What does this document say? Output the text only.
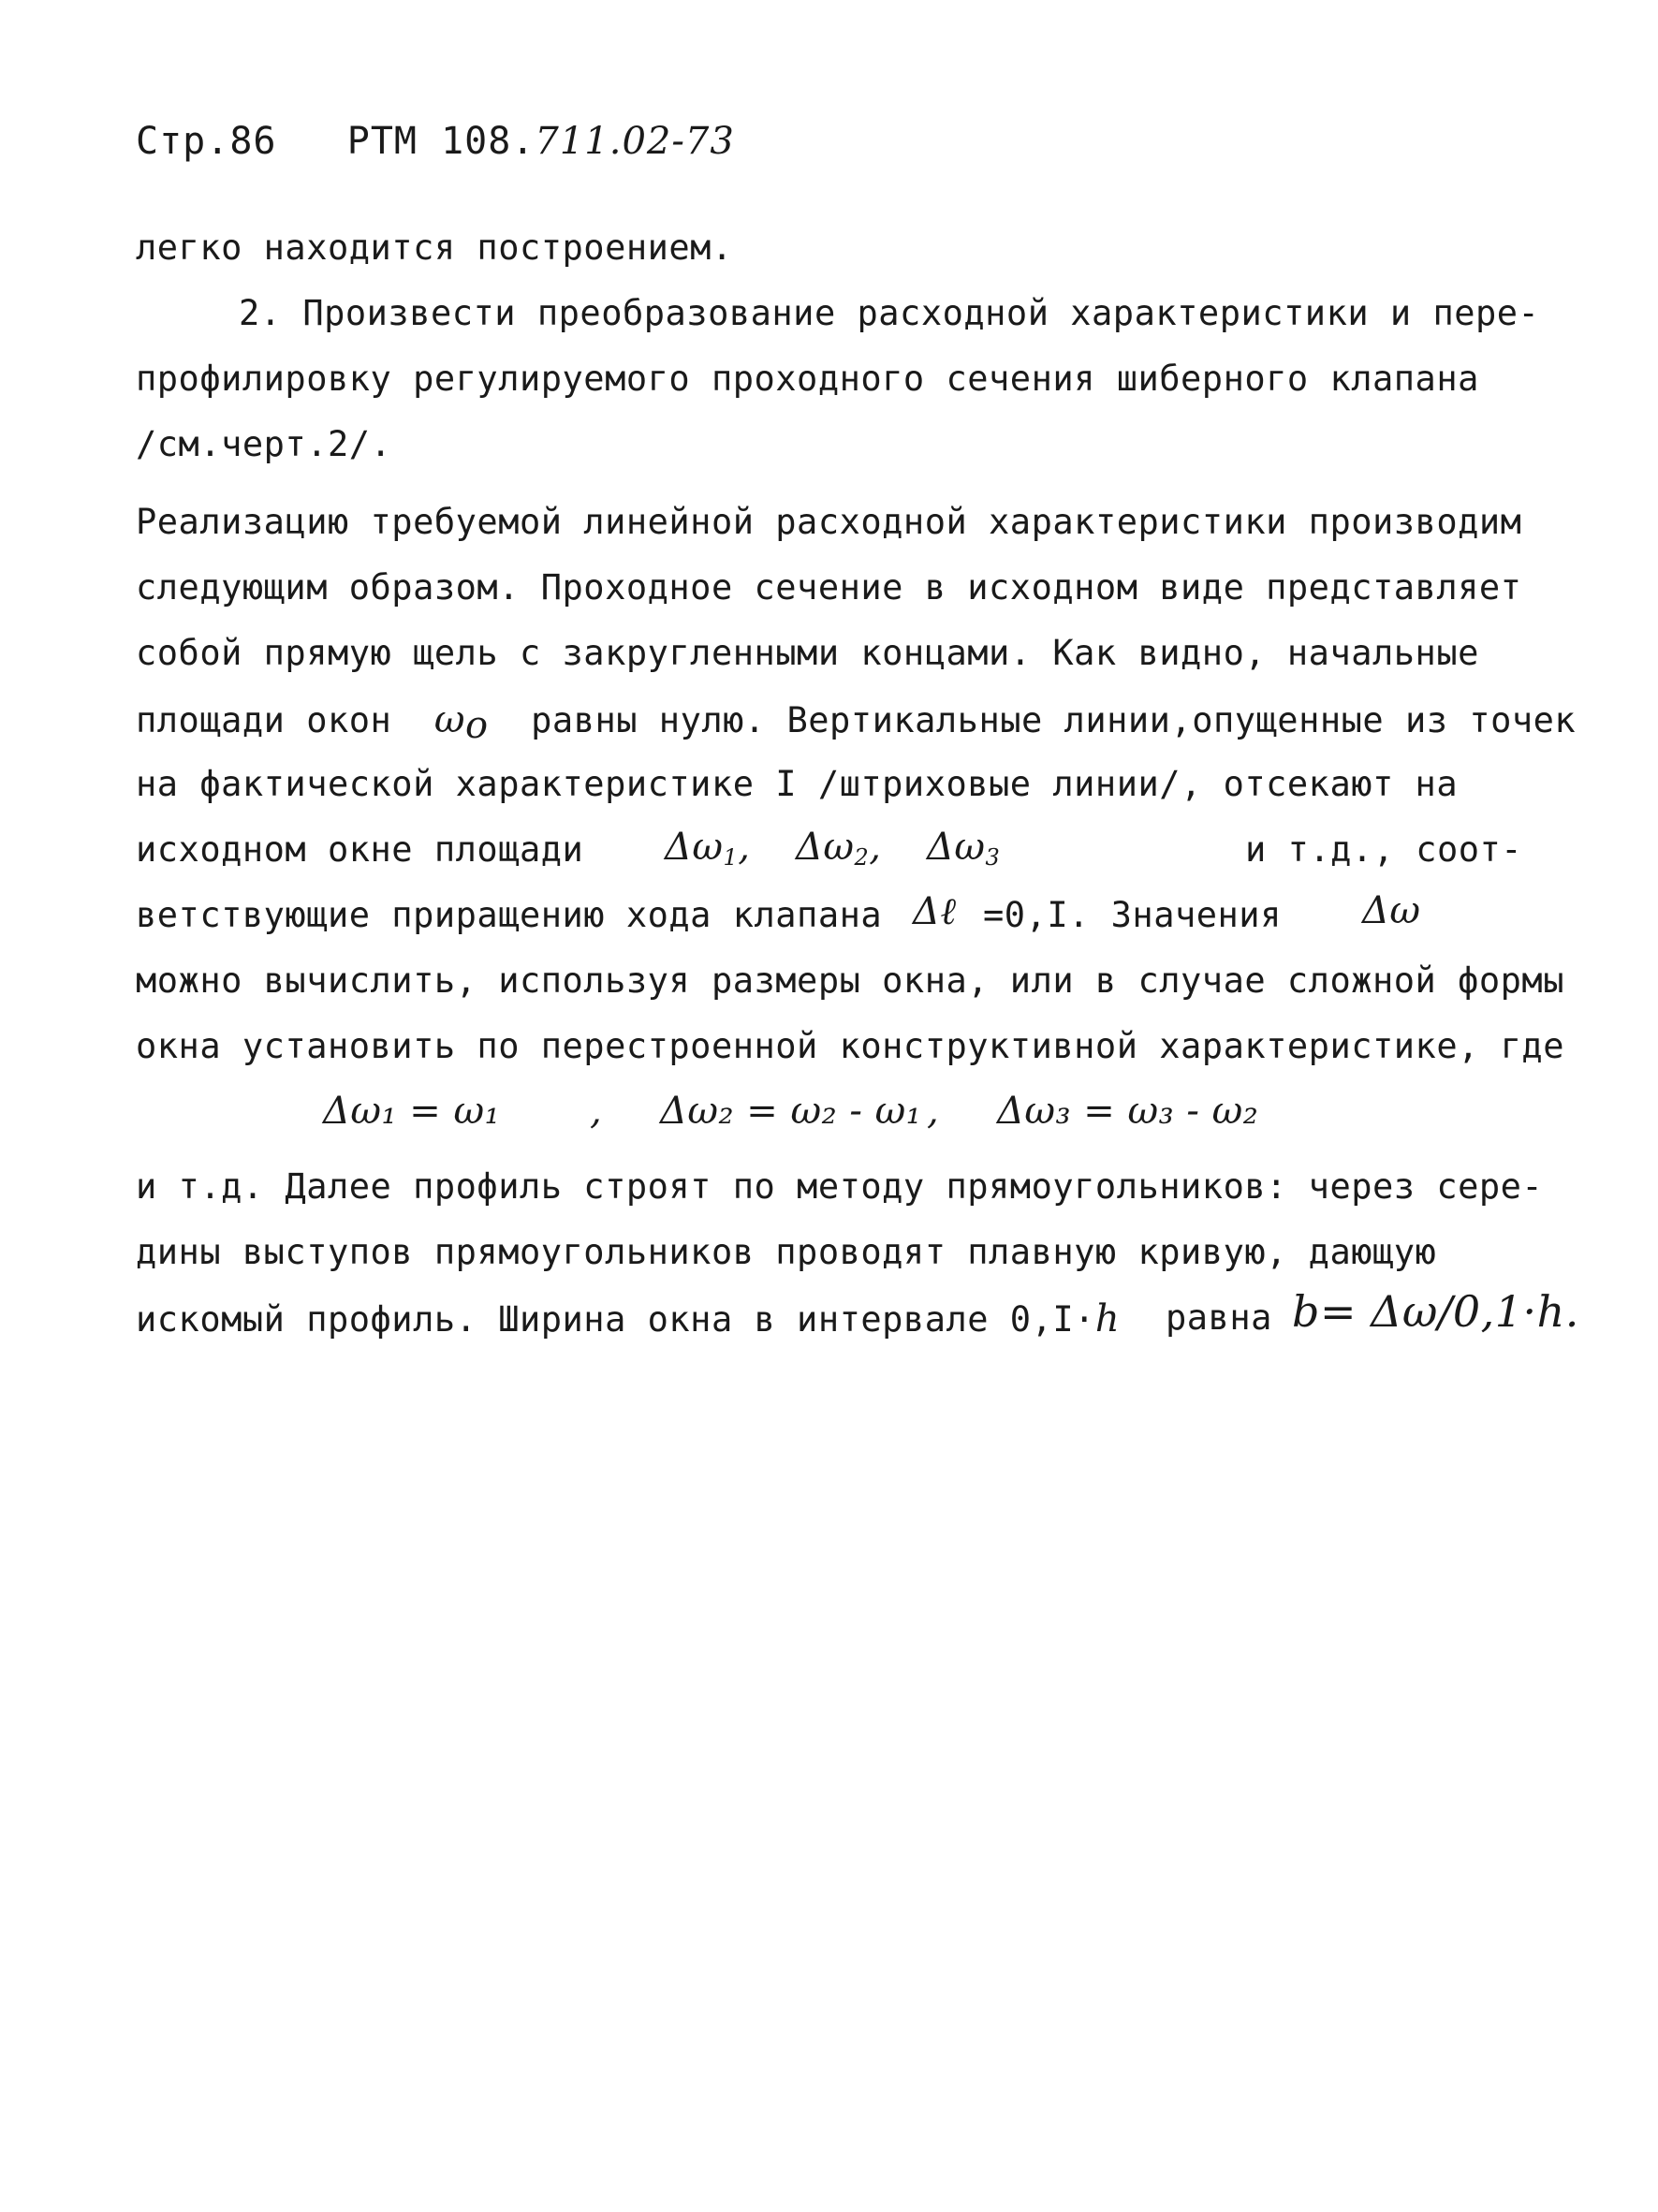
Стр.86 РТМ 108.711.02-73
легко находится построением.
2. Произвести преобразование расходной характеристики и пере-
профилировку регулируемого проходного сечения шиберного клапана
/см.черт.2/.
Реализацию требуемой линейной расходной характеристики производим
следующим образом. Проходное сечение в исходном виде представляет
собой прямую щель с закругленными концами. Как видно, начальные
площади окон $\omega_o$ равны нулю. Вертикальные линии,опущенные из точек
на фактической характеристике I /штриховые линии/, отсекают на
исходном окне площади $\Delta\omega_1$, $\Delta\omega_2$, $\Delta\omega_3$	и т.д., соот-
ветствующие приращению хода клапана Δℓ =0,I. Значения Δω
можно вычислить, используя размеры окна, или в случае сложной формы
окна установить по перестроенной конструктивной характеристике, где
Δω₁ = ω₁ , Δω₂ = ω₂ - ω₁ , Δω₃ = ω₃ - ω₂
и т.д. Далее профиль строят по методу прямоугольников: через сере-
дины выступов прямоугольников проводят плавную кривую, дающую
искомый профиль. Ширина окна в интервале 0,I·h равна b= Δω/0,1·h.
